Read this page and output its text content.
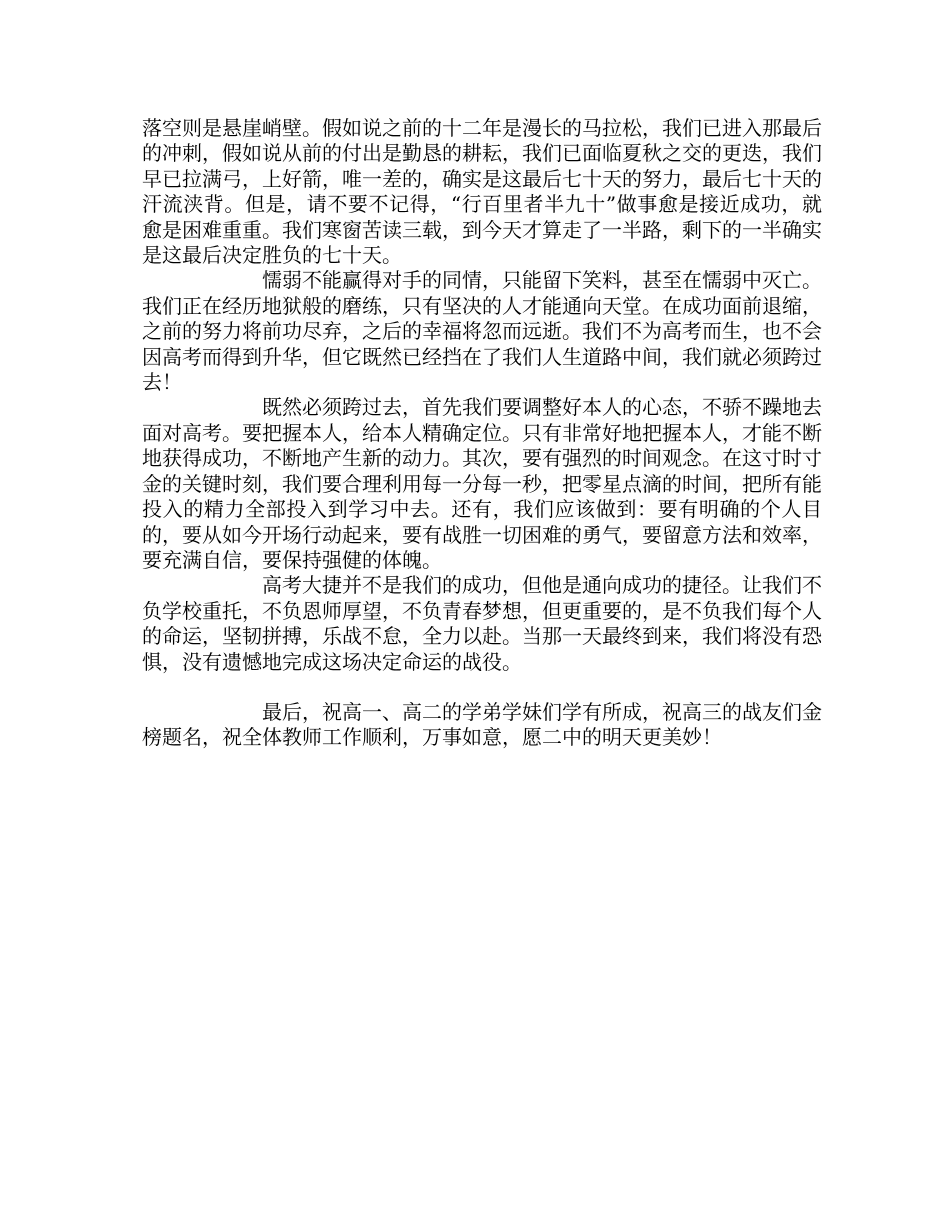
落空则是悬崖峭壁。假如说之前的十二年是漫长的马拉松，我们已进入那最后的冲刺，假如说从前的付出是勤恳的耕耘，我们已面临夏秋之交的更迭，我们早已拉满弓，上好箭，唯一差的，确实是这最后七十天的努力，最后七十天的汗流浃背。但是，请不要不记得，“行百里者半九十”做事愈是接近成功，就愈是困难重重。我们寒窗苦读三载，到今天才算走了一半路，剩下的一半确实是这最后决定胜负的七十天。

懦弱不能赢得对手的同情，只能留下笑料，甚至在懦弱中灭亡。我们正在经历地狱般的磨练，只有坚决的人才能通向天堂。在成功面前退缩，之前的努力将前功尽弃，之后的幸福将忽而远逝。我们不为高考而生，也不会因高考而得到升华，但它既然已经挡在了我们人生道路中间，我们就必须跨过去！

既然必须跨过去，首先我们要调整好本人的心态，不骄不躁地去面对高考。要把握本人，给本人精确定位。只有非常好地把握本人，才能不断地获得成功，不断地产生新的动力。其次，要有强烈的时间观念。在这寸时寸金的关键时刻，我们要合理利用每一分每一秒，把零星点滴的时间，把所有能投入的精力全部投入到学习中去。还有，我们应该做到：要有明确的个人目的，要从如今开场行动起来，要有战胜一切困难的勇气，要留意方法和效率，要充满自信，要保持强健的体魄。

高考大捷并不是我们的成功，但他是通向成功的捷径。让我们不负学校重托，不负恩师厚望，不负青春梦想，但更重要的，是不负我们每个人的命运，坚韧拼搏，乐战不怠，全力以赴。当那一天最终到来，我们将没有恐惧，没有遗憾地完成这场决定命运的战役。

最后，祝高一、高二的学弟学妹们学有所成，祝高三的战友们金榜题名，祝全体教师工作顺利，万事如意，愿二中的明天更美妙！
